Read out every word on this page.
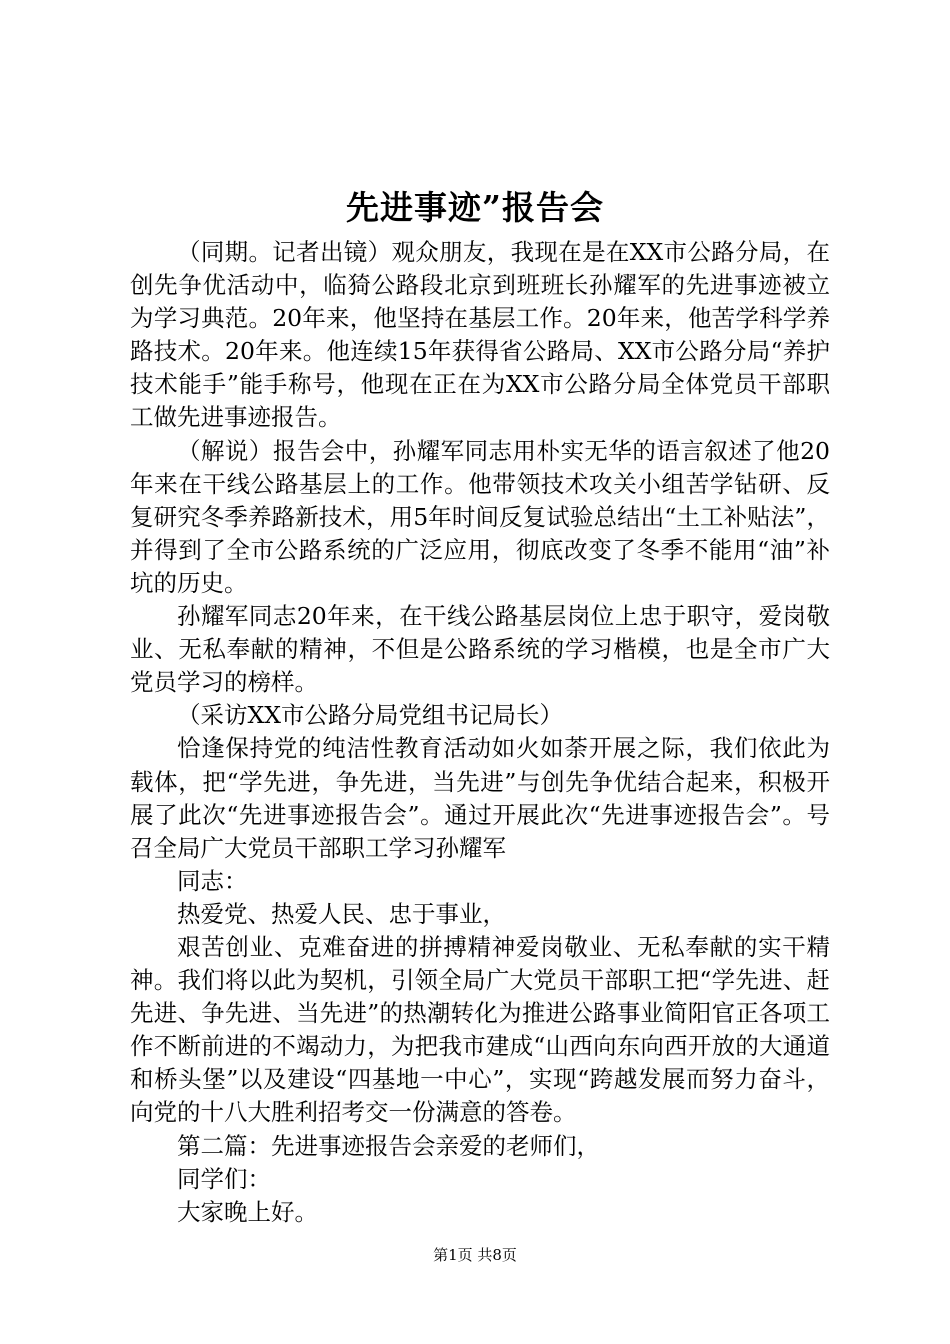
先进事迹”报告会

（同期。记者出镜）观众朋友，我现在是在XX市公路分局，在创先争优活动中，临猗公路段北京到班班长孙耀军的先进事迹被立为学习典范。20年来，他坚持在基层工作。20年来，他苦学科学养路技术。20年来。他连续15年获得省公路局、XX市公路分局“养护技术能手”能手称号，他现在正在为XX市公路分局全体党员干部职工做先进事迹报告。

（解说）报告会中，孙耀军同志用朴实无华的语言叙述了他20年来在干线公路基层上的工作。他带领技术攻关小组苦学钻研、反复研究冬季养路新技术，用5年时间反复试验总结出“土工补贴法”，并得到了全市公路系统的广泛应用，彻底改变了冬季不能用“油”补坑的历史。

孙耀军同志20年来，在干线公路基层岗位上忠于职守，爱岗敬业、无私奉献的精神，不但是公路系统的学习楷模，也是全市广大党员学习的榜样。

（采访XX市公路分局党组书记局长）

恰逢保持党的纯洁性教育活动如火如荼开展之际，我们依此为载体，把“学先进，争先进，当先进”与创先争优结合起来，积极开展了此次“先进事迹报告会”。通过开展此次“先进事迹报告会”。号召全局广大党员干部职工学习孙耀军

同志：

热爱党、热爱人民、忠于事业，

艰苦创业、克难奋进的拼搏精神爱岗敬业、无私奉献的实干精神。我们将以此为契机，引领全局广大党员干部职工把“学先进、赶先进、争先进、当先进”的热潮转化为推进公路事业简阳官正各项工作不断前进的不竭动力，为把我市建成“山西向东向西开放的大通道和桥头堡”以及建设“四基地一中心”，实现“跨越发展而努力奋斗，向党的十八大胜利招考交一份满意的答卷。

第二篇：先进事迹报告会亲爱的老师们，

同学们：

大家晚上好。

第1页 共8页
